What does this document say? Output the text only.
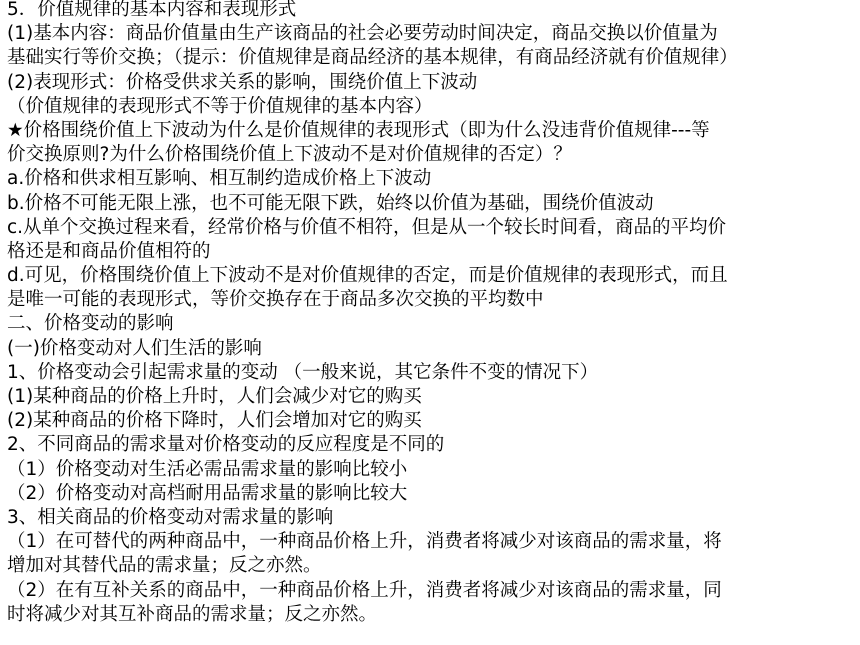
5．价值规律的基本内容和表现形式
(1)基本内容：商品价值量由生产该商品的社会必要劳动时间决定，商品交换以价值量为
基础实行等价交换；（提示：价值规律是商品经济的基本规律，有商品经济就有价值规律）
(2)表现形式：价格受供求关系的影响，围绕价值上下波动
（价值规律的表现形式不等于价值规律的基本内容）
★价格围绕价值上下波动为什么是价值规律的表现形式（即为什么没违背价值规律---等
价交换原则?为什么价格围绕价值上下波动不是对价值规律的否定）？
a.价格和供求相互影响、相互制约造成价格上下波动
b.价格不可能无限上涨，也不可能无限下跌，始终以价值为基础，围绕价值波动
c.从单个交换过程来看，经常价格与价值不相符，但是从一个较长时间看，商品的平均价
格还是和商品价值相符的
d.可见，价格围绕价值上下波动不是对价值规律的否定，而是价值规律的表现形式，而且
是唯一可能的表现形式，等价交换存在于商品多次交换的平均数中
二、价格变动的影响
(一)价格变动对人们生活的影响
1、价格变动会引起需求量的变动 （一般来说，其它条件不变的情况下）
(1)某种商品的价格上升时，人们会减少对它的购买
(2)某种商品的价格下降时，人们会增加对它的购买
2、不同商品的需求量对价格变动的反应程度是不同的
（1）价格变动对生活必需品需求量的影响比较小
（2）价格变动对高档耐用品需求量的影响比较大
3、相关商品的价格变动对需求量的影响
（1）在可替代的两种商品中，一种商品价格上升，消费者将减少对该商品的需求量，将
增加对其替代品的需求量；反之亦然。
（2）在有互补关系的商品中，一种商品价格上升，消费者将减少对该商品的需求量，同
时将减少对其互补商品的需求量；反之亦然。
